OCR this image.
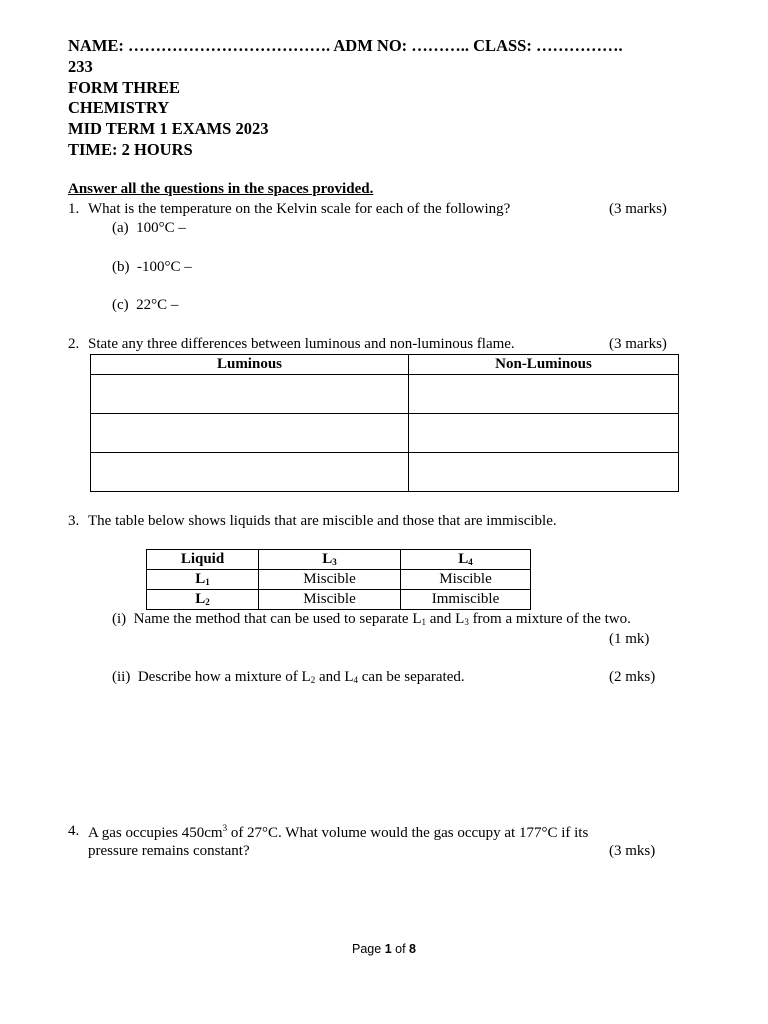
NAME: ………………………………. ADM NO: ……….. CLASS: …………….
233
FORM THREE
CHEMISTRY
MID TERM 1 EXAMS 2023
TIME: 2 HOURS
Answer all the questions in the spaces provided.
1. What is the temperature on the Kelvin scale for each of the following?	(3 marks)
(a) 100°C –
(b) -100°C –
(c) 22°C –
2. State any three differences between luminous and non-luminous flame.	(3 marks)
Luminous	Non-Luminous

3. The table below shows liquids that are miscible and those that are immiscible.
Liquid	$L_3$	$L_4$
$L_1$	Miscible	Miscible
$L_2$	Miscible	Immiscible
(i) Name the method that can be used to separate $L_1$ and $L_3$ from a mixture of the two.
(1 mk)
(ii) Describe how a mixture of $L_2$ and $L_4$ can be separated.	(2 mks)
4. A gas occupies $450cm^3$ of 27°C. What volume would the gas occupy at 177°C if its
pressure remains constant?	(3 mks)
Page 1 of 8
